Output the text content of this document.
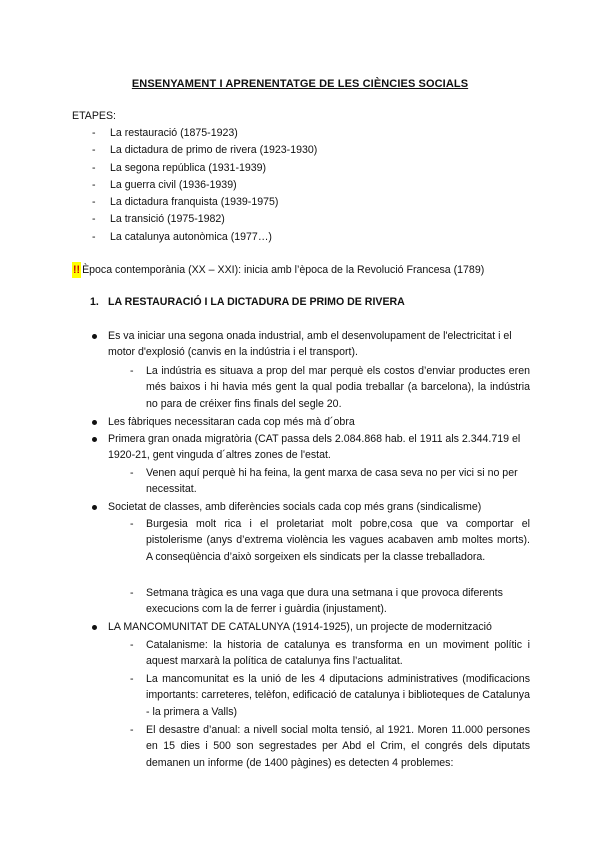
ENSENYAMENT I APRENENTATGE DE LES CIÈNCIES SOCIALS
ETAPES:
- La restauració (1875-1923)
- La dictadura de primo de rivera (1923-1930)
- La segona república (1931-1939)
- La guerra civil (1936-1939)
- La dictadura franquista (1939-1975)
- La transició (1975-1982)
- La catalunya autonòmica (1977…)
!! Època contemporània (XX – XXI): inicia amb l’època de la Revolució Francesa (1789)
1. LA RESTAURACIÓ I LA DICTADURA DE PRIMO DE RIVERA
Es va iniciar una segona onada industrial, amb el desenvolupament de l'electricitat i el motor d'explosió (canvis en la indústria i el transport).
- La indústria es situava a prop del mar perquè els costos d’enviar productes eren més baixos i hi havia més gent la qual podia treballar (a barcelona), la indústria no para de créixer fins finals del segle 20.
Les fàbriques necessitaran cada cop més mà d´obra
Primera gran onada migratòria (CAT passa dels 2.084.868 hab. el 1911 als 2.344.719 el 1920-21, gent vinguda d´altres zones de l'estat.
- Venen aquí perquè hi ha feina, la gent marxa de casa seva no per vici si no per necessitat.
Societat de classes, amb diferències socials cada cop més grans (sindicalisme)
- Burgesia molt rica i el proletariat molt pobre,cosa que va comportar el pistolerisme (anys d’extrema violència les vagues acabaven amb moltes morts). A conseqüència d’això sorgeixen els sindicats per la classe treballadora.
- Setmana tràgica es una vaga que dura una setmana i que provoca diferents execucions com la de ferrer i guàrdia (injustament).
LA MANCOMUNITAT DE CATALUNYA (1914-1925), un projecte de modernització
- Catalanisme: la historia de catalunya es transforma en un moviment polític i aquest marxarà la política de catalunya fins l’actualitat.
- La mancomunitat es la unió de les 4 diputacions administratives (modificacions importants: carreteres, telèfon, edificació de catalunya i biblioteques de Catalunya - la primera a Valls)
- El desastre d’anual: a nivell social molta tensió, al 1921. Moren 11.000 persones en 15 dies i 500 son segrestades per Abd el Crim, el congrés dels diputats demanen un informe (de 1400 pàgines) es detecten 4 problemes:
